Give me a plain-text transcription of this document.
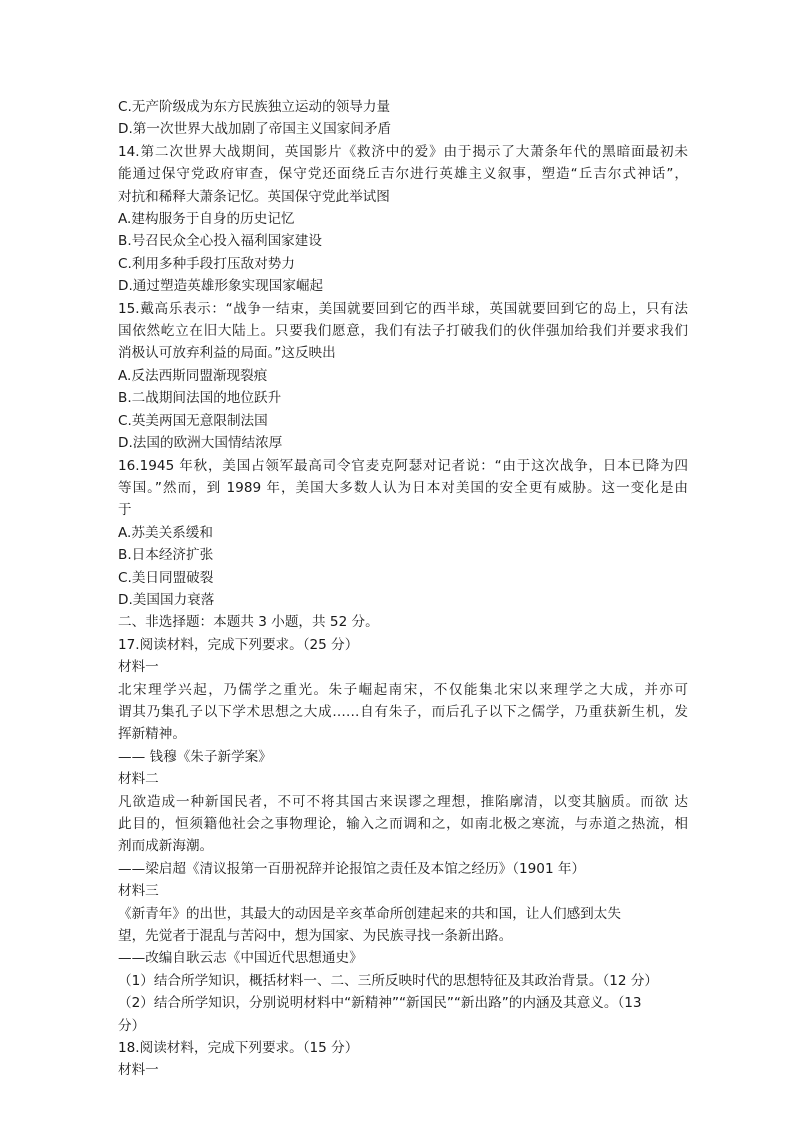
C.无产阶级成为东方民族独立运动的领导力量
D.第一次世界大战加剧了帝国主义国家间矛盾
14.第二次世界大战期间，英国影片《救济中的爱》由于揭示了大萧条年代的黑暗面最初未
能通过保守党政府审查，保守党还面绕丘吉尔进行英雄主义叙事，塑造“丘吉尔式神话”，
对抗和稀释大萧条记忆。英国保守党此举试图
A.建构服务于自身的历史记忆
B.号召民众全心投入福利国家建设
C.利用多种手段打压敌对势力
D.通过塑造英雄形象实现国家崛起
15.戴高乐表示：“战争一结束，美国就要回到它的西半球，英国就要回到它的岛上，只有法
国依然屹立在旧大陆上。只要我们愿意，我们有法子打破我们的伙伴强加给我们并要求我们
消极认可放弃利益的局面。”这反映出
A.反法西斯同盟渐现裂痕
B.二战期间法国的地位跃升
C.英美两国无意限制法国
D.法国的欧洲大国情结浓厚
16.1945 年秋，美国占领军最高司令官麦克阿瑟对记者说：“由于这次战争，日本已降为四
等国。”然而，到 1989 年，美国大多数人认为日本对美国的安全更有威胁。这一变化是由
于
A.苏美关系缓和
B.日本经济扩张
C.美日同盟破裂
D.美国国力衰落
二、非选择题：本题共 3 小题，共 52 分。
17.阅读材料，完成下列要求。（25 分）
材料一
北宋理学兴起，乃儒学之重光。朱子崛起南宋，不仅能集北宋以来理学之大成，并亦可
谓其乃集孔子以下学术思想之大成……自有朱子，而后孔子以下之儒学，乃重获新生机，发
挥新精神。
—— 钱穆《朱子新学案》
材料二
凡欲造成一种新国民者，不可不将其国古来误谬之理想，推陷廓清，以变其脑质。而欲 达
此目的，恒须籍他社会之事物理论，输入之而调和之，如南北极之寒流，与赤道之热流，相
剂而成新海潮。
——梁启超《清议报第一百册祝辞并论报馆之责任及本馆之经历》（1901 年）
材料三
《新青年》的出世，其最大的动因是辛亥革命所创建起来的共和国，让人们感到太失
望，先觉者于混乱与苦闷中，想为国家、为民族寻找一条新出路。
——改编自耿云志《中国近代思想通史》
（1）结合所学知识，概括材料一、二、三所反映时代的思想特征及其政治背景。（12 分）
（2）结合所学知识，分别说明材料中“新精神”“新国民”“新出路”的内涵及其意义。（13
分）
18.阅读材料，完成下列要求。（15 分）
材料一
